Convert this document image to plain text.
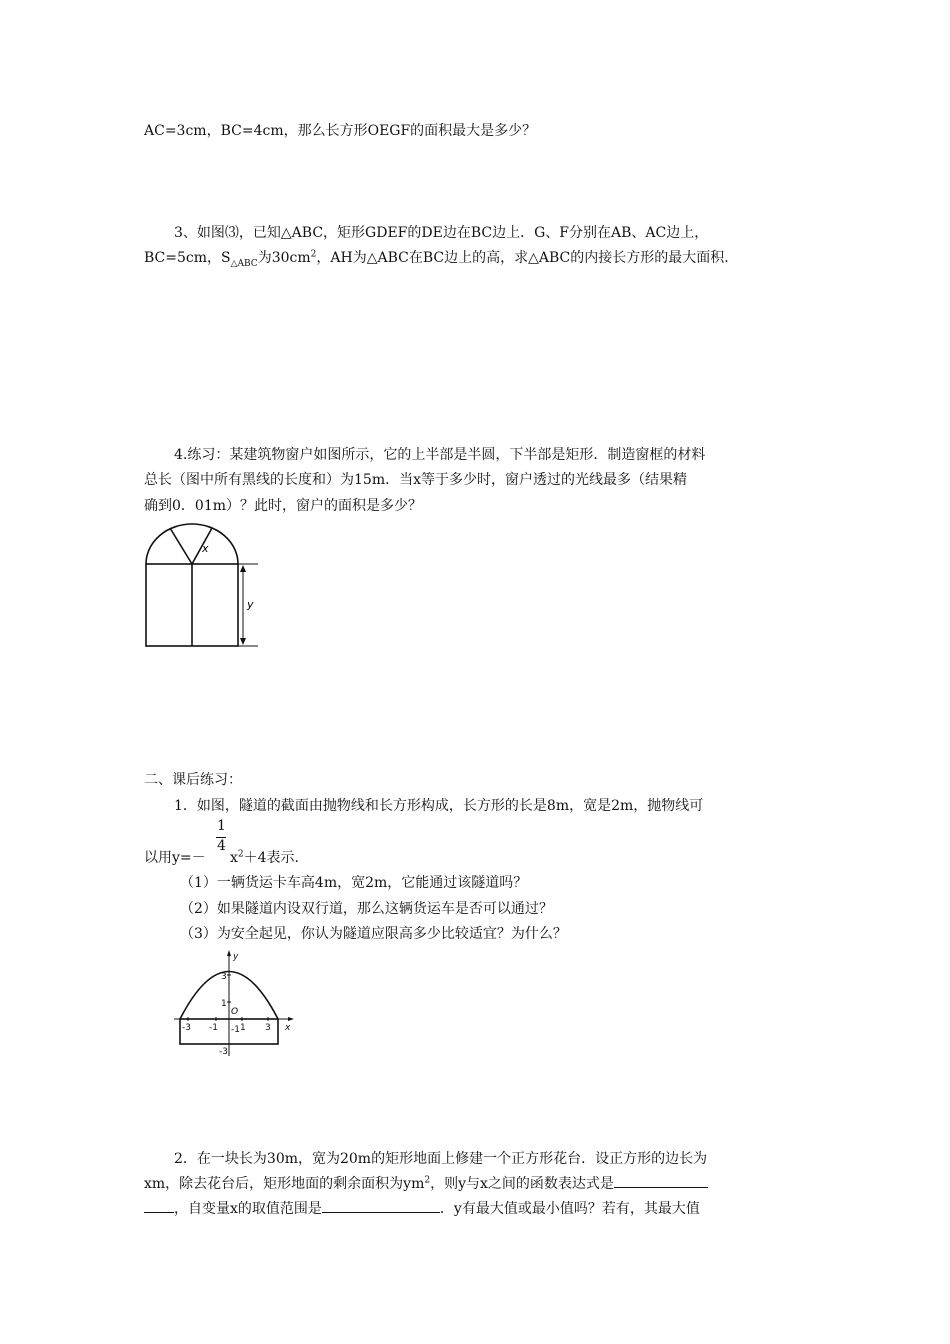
AC=3cm，BC=4cm，那么长方形OEGF的面积最大是多少？

3、如图⑶，已知△ABC，矩形GDEF的DE边在BC边上．G、F分别在AB、AC边上，

BC=5cm，$S_{\triangle ABC}$为$30cm^2$，AH为△ABC在BC边上的高，求△ABC的内接长方形的最大面积.

4.练习：某建筑物窗户如图所示，它的上半部是半圆，下半部是矩形．制造窗框的材料

总长（图中所有黑线的长度和）为15m．当x等于多少时，窗户透过的光线最多（结果精

确到0．01m）？此时，窗户的面积是多少？

x
y

二、课后练习：

1．如图，隧道的截面由抛物线和长方形构成，长方形的长是8m，宽是2m，抛物线可

1
4

以用$y=- x^2+4$表示.

（1）一辆货运卡车高4m，宽2m，它能通过该隧道吗？

（2）如果隧道内设双行道，那么这辆货运车是否可以通过？

（3）为安全起见，你认为隧道应限高多少比较适宜？为什么？

y
x
O
3
1
-1
-3
-3 -1 1 3

2．在一块长为30m，宽为20m的矩形地面上修建一个正方形花台．设正方形的边长为

xm，除去花台后，矩形地面的剩余面积为$ym^2$，则y与x之间的函数表达式是

，自变量x的取值范围是	．y有最大值或最小值吗？若有，其最大值
